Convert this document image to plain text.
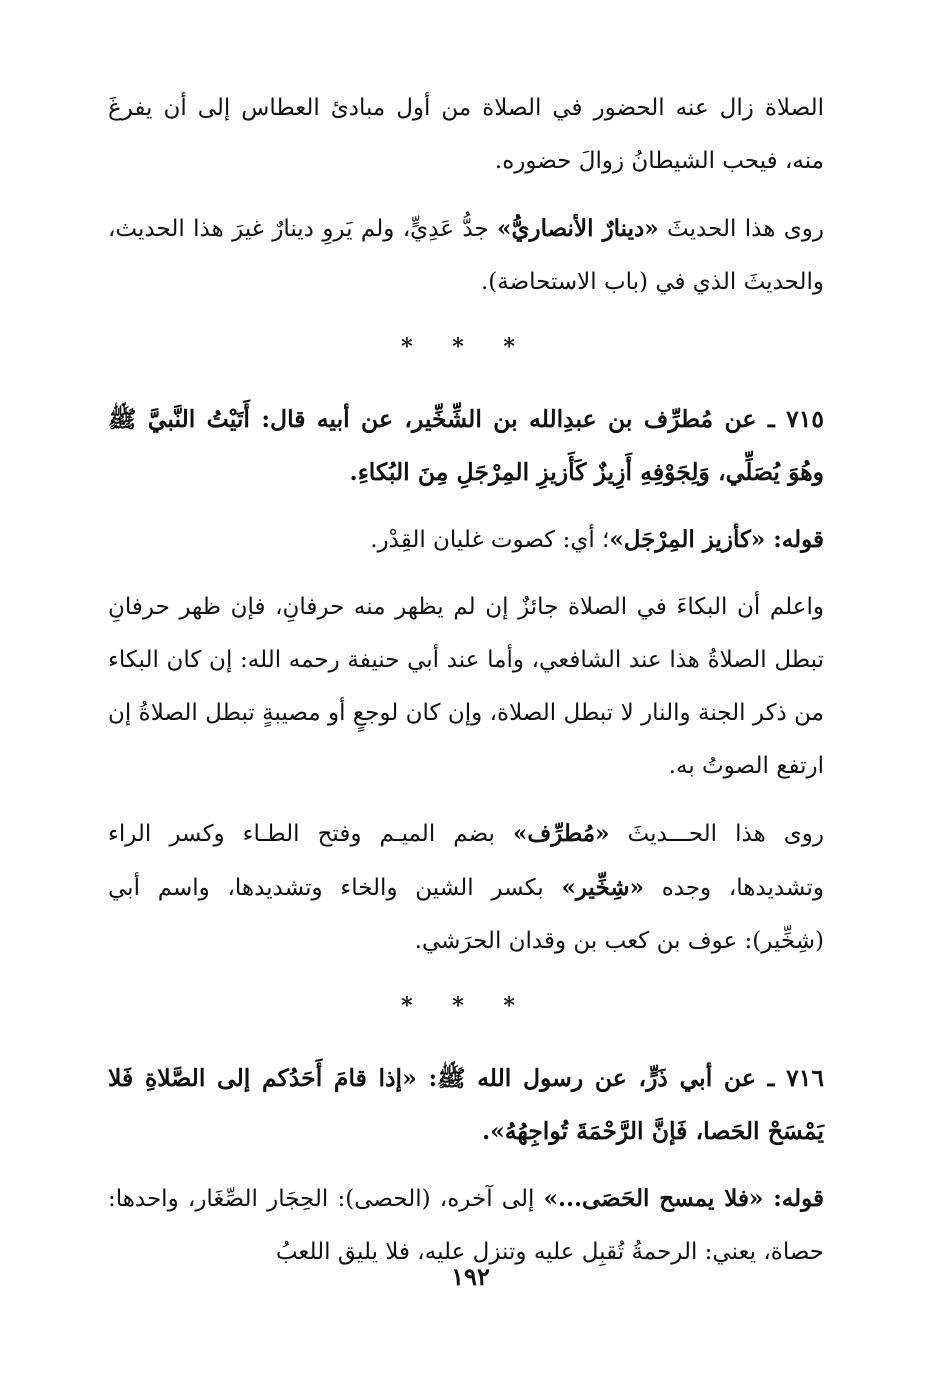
الصلاة زال عنه الحضور في الصلاة من أول مبادئ العطاس إلى أن يفرغَ منه، فيحب الشيطانُ زوالَ حضوره.

روى هذا الحديثَ «دينارٌ الأنصاريُّ» جدُّ عَدِيٍّ، ولم يَروِ دينارٌ غيرَ هذا الحديث، والحديثَ الذي في (باب الاستحاضة).

* * *

٧١٥ ـ عن مُطرِّف بن عبدِالله بن الشِّخِّير، عن أبيه قال: أَتَيْتُ النَّبيَّ ﷺ وهُوَ يُصَلِّي، وَلِجَوْفِهِ أَزِيزٌ كَأَزيزِ المِرْجَلِ مِنَ البُكاءِ.

قوله: «كأزيز المِرْجَل»؛ أي: كصوت غليان القِدْر.

واعلم أن البكاءَ في الصلاة جائزٌ إن لم يظهر منه حرفانِ، فإن ظهر حرفانِ تبطل الصلاةُ هذا عند الشافعي، وأما عند أبي حنيفة رحمه الله: إن كان البكاء من ذكر الجنة والنار لا تبطل الصلاة، وإن كان لوجعٍ أو مصيبةٍ تبطل الصلاةُ إن ارتفع الصوتُ به.

روى هذا الحـــديثَ «مُطرِّف» بضم الميـم وفتح الطـاء وكسر الراء وتشديدها، وجده «شِخِّير» بكسر الشين والخاء وتشديدها، واسم أبي (شِخِّير): عوف بن كعب بن وقدان الحرَشي.

* * *

٧١٦ ـ عن أبي ذَرٍّ، عن رسول الله ﷺ: «إذا قامَ أَحَدُكم إلى الصَّلاةِ فَلا يَمْسَحْ الحَصا، فَإنَّ الرَّحْمَةَ تُواجِهُهُ».

قوله: «فلا يمسح الحَصَى...» إلى آخره، (الحصى): الحِجَار الصِّغَار، واحدها: حصاة، يعني: الرحمةُ تُقبِل عليه وتنزل عليه، فلا يليق اللعبُ

١٩٢
